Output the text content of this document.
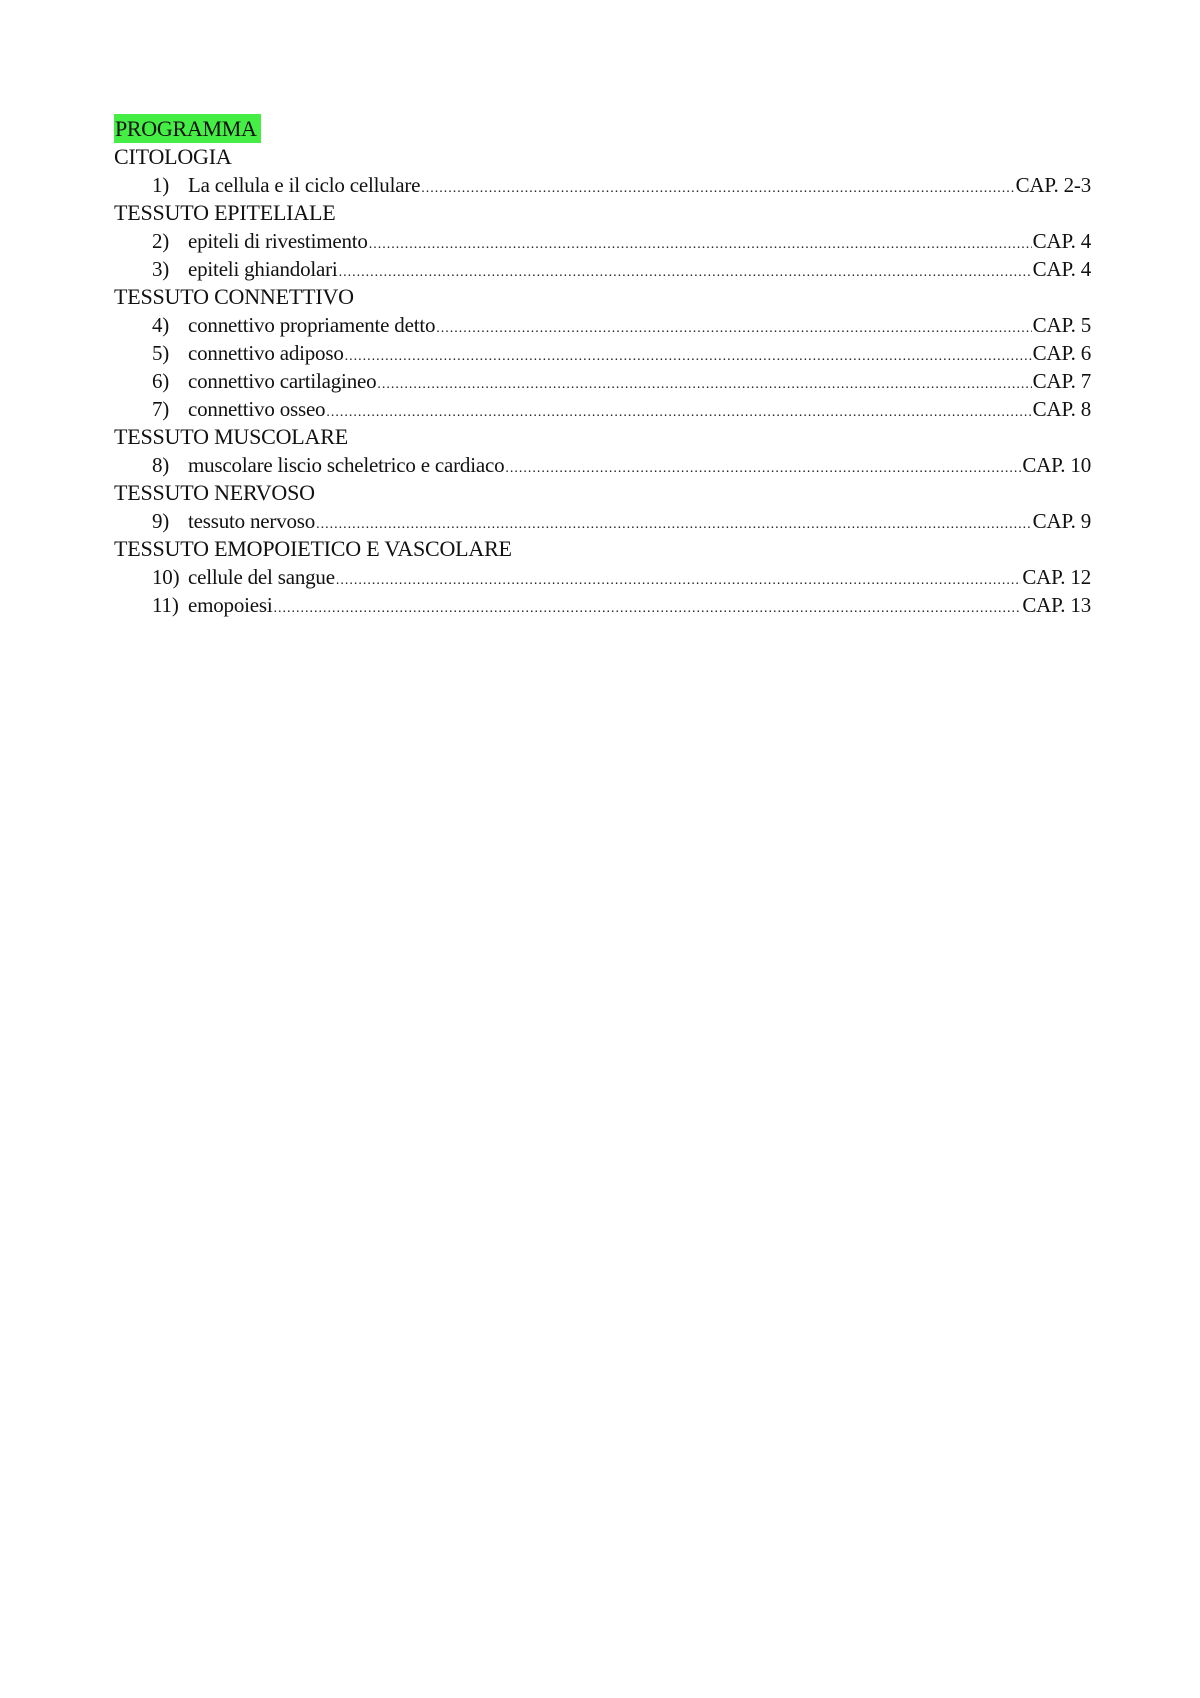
PROGRAMMA
CITOLOGIA
1) La cellula e il ciclo cellulare .....	CAP. 2-3
TESSUTO EPITELIALE
2) epiteli di rivestimento .....	CAP. 4
3) epiteli ghiandolari .....	CAP. 4
TESSUTO CONNETTIVO
4) connettivo propriamente detto .....	CAP. 5
5) connettivo adiposo .....	CAP. 6
6) connettivo cartilagineo .....	CAP. 7
7) connettivo osseo .....	CAP. 8
TESSUTO MUSCOLARE
8) muscolare liscio scheletrico e cardiaco .....	CAP. 10
TESSUTO NERVOSO
9) tessuto nervoso .....	CAP. 9
TESSUTO EMOPOIETICO E VASCOLARE
10) cellule del sangue .....	CAP. 12
11) emopoiesi .....	CAP. 13
